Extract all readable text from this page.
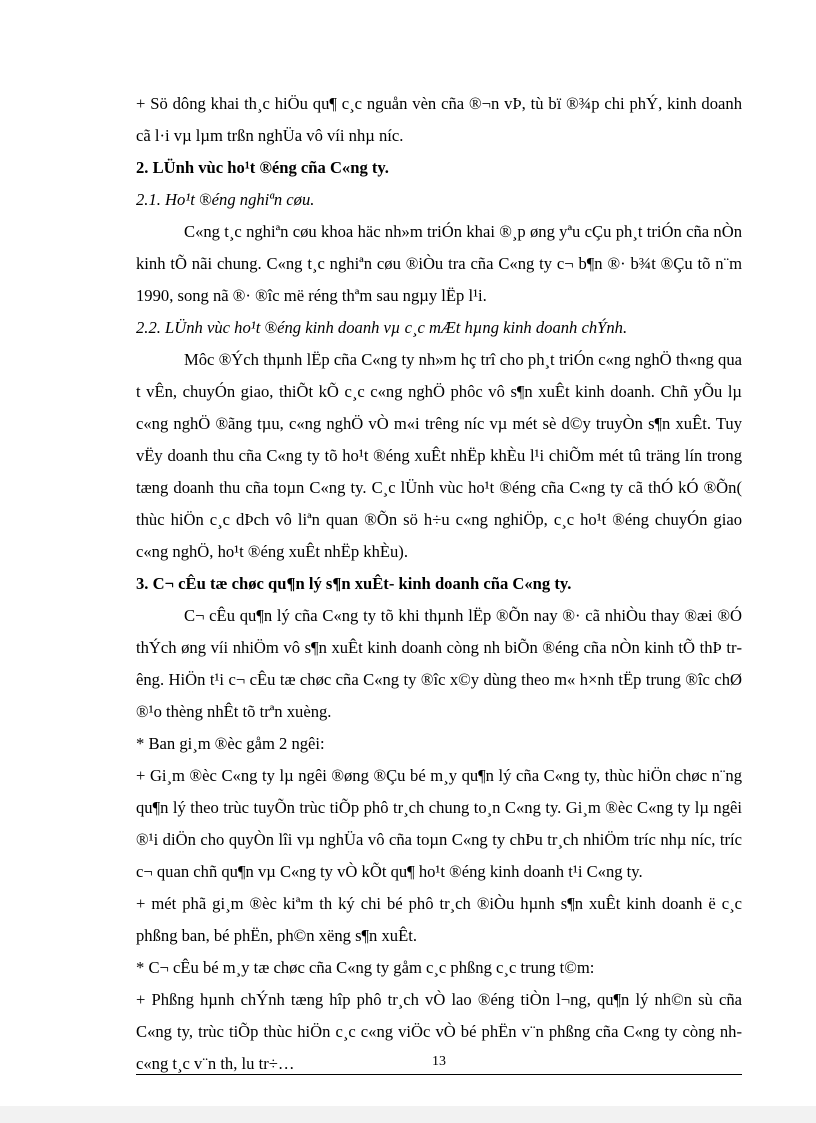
+ Sö dông khai th¸c hiÖu qu¶ c¸c nguån vèn cña ®¬n vÞ, tù bï ®¾p chi phÝ, kinh doanh cã l·i vµ lµm trßn nghÜa vô víi nhµ níc.

2. LÜnh vùc ho¹t ®éng cña C«ng ty.

2.1. Ho¹t ®éng nghiªn cøu.

C«ng t¸c nghiªn cøu khoa häc nh»m triÓn khai ®¸p øng yªu cÇu ph¸t triÓn cña nÒn kinh tÕ nãi chung. C«ng t¸c nghiªn cøu ®iÒu tra cña C«ng ty c¬ b¶n ®· b¾t ®Çu tõ n¨m 1990, song nã ®· ®îc më réng thªm sau ngµy lËp l¹i.

2.2. LÜnh vùc ho¹t ®éng kinh doanh vµ c¸c mÆt hµng kinh doanh chÝnh.

Môc ®Ých thµnh lËp cña C«ng ty nh»m hç trî cho ph¸t triÓn c«ng nghÖ th«ng qua t vÊn, chuyÓn giao, thiÕt kÕ c¸c c«ng nghÖ phôc vô s¶n xuÊt kinh doanh. Chñ yÕu lµ c«ng nghÖ ®ãng tµu, c«ng nghÖ vÒ m«i trêng níc vµ mét sè d©y truyÒn s¶n xuÊt. Tuy vËy doanh thu cña C«ng ty tõ ho¹t ®éng xuÊt nhËp khÈu l¹i chiÕm mét tû träng lín trong tæng doanh thu cña toµn C«ng ty. C¸c lÜnh vùc ho¹t ®éng cña C«ng ty cã thÓ kÓ ®Õn( thùc hiÖn c¸c dÞch vô liªn quan ®Õn sö h÷u c«ng nghiÖp, c¸c ho¹t ®éng chuyÓn giao c«ng nghÖ, ho¹t ®éng xuÊt nhËp khÈu).

3. C¬ cÊu tæ chøc qu¶n lý s¶n xuÊt- kinh doanh cña C«ng ty.

C¬ cÊu qu¶n lý cña C«ng ty tõ khi thµnh lËp ®Õn nay ®· cã nhiÒu thay ®æi ®Ó thÝch øng víi nhiÖm vô s¶n xuÊt kinh doanh còng nh biÕn ®éng cña nÒn kinh tÕ thÞ trêng. HiÖn t¹i c¬ cÊu tæ chøc cña C«ng ty ®îc x©y dùng theo m« h×nh tËp trung ®îc chØ ®¹o thèng nhÊt tõ trªn xuèng.

* Ban gi¸m ®èc gåm 2 ngêi:

+ Gi¸m ®èc C«ng ty lµ ngêi ®øng ®Çu bé m¸y qu¶n lý cña C«ng ty, thùc hiÖn chøc n¨ng qu¶n lý theo trùc tuyÕn trùc tiÕp phô tr¸ch chung to¸n C«ng ty. Gi¸m ®èc C«ng ty lµ ngêi ®¹i diÖn cho quyÒn lîi vµ nghÜa vô cña toµn C«ng ty chÞu tr¸ch nhiÖm tríc nhµ níc, tríc c¬ quan chñ qu¶n vµ C«ng ty vÒ kÕt qu¶ ho¹t ®éng kinh doanh t¹i C«ng ty.

+ mét phã gi¸m ®èc kiªm th ký chi bé phô tr¸ch ®iÒu hµnh s¶n xuÊt kinh doanh ë c¸c phßng ban, bé phËn, ph©n xëng s¶n xuÊt.

* C¬ cÊu bé m¸y tæ chøc cña C«ng ty gåm c¸c phßng c¸c trung t©m:

+ Phßng hµnh chÝnh tæng hîp phô tr¸ch vÒ lao ®éng tiÒn l¬ng, qu¶n lý nh©n sù cña C«ng ty, trùc tiÕp thùc hiÖn c¸c c«ng viÖc vÒ bé phËn v¨n phßng cña C«ng ty còng nh c«ng t¸c v¨n th, lu tr÷…	13
